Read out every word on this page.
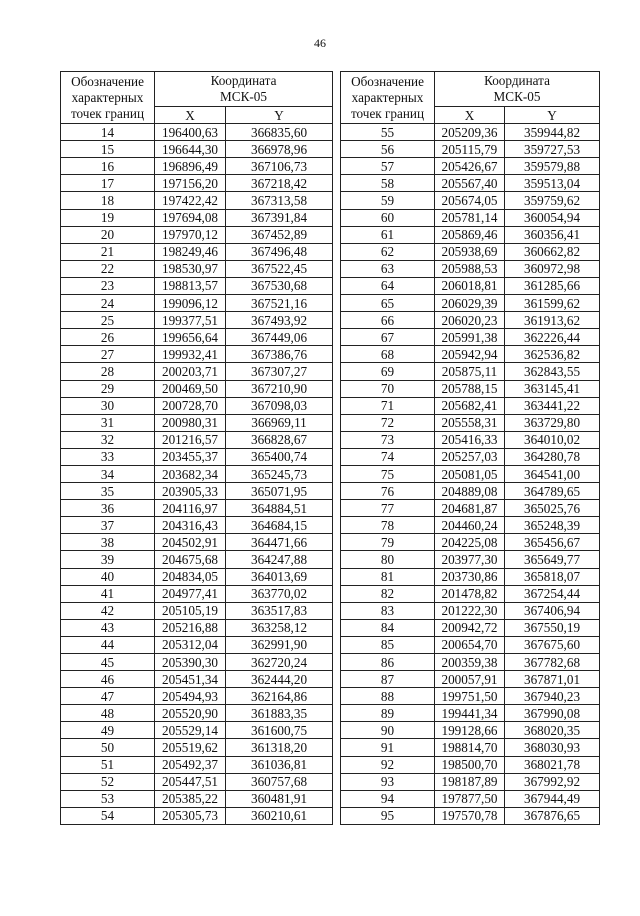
46
Обозначение
характерных
точек границ	Координата
МСК-05	
	X	Y
14	196400,63	366835,60
15	196644,30	366978,96
16	196896,49	367106,73
17	197156,20	367218,42
18	197422,42	367313,58
19	197694,08	367391,84
20	197970,12	367452,89
21	198249,46	367496,48
22	198530,97	367522,45
23	198813,57	367530,68
24	199096,12	367521,16
25	199377,51	367493,92
26	199656,64	367449,06
27	199932,41	367386,76
28	200203,71	367307,27
29	200469,50	367210,90
30	200728,70	367098,03
31	200980,31	366969,11
32	201216,57	366828,67
33	203455,37	365400,74
34	203682,34	365245,73
35	203905,33	365071,95
36	204116,97	364884,51
37	204316,43	364684,15
38	204502,91	364471,66
39	204675,68	364247,88
40	204834,05	364013,69
41	204977,41	363770,02
42	205105,19	363517,83
43	205216,88	363258,12
44	205312,04	362991,90
45	205390,30	362720,24
46	205451,34	362444,20
47	205494,93	362164,86
48	205520,90	361883,35
49	205529,14	361600,75
50	205519,62	361318,20
51	205492,37	361036,81
52	205447,51	360757,68
53	205385,22	360481,91
54	205305,73	360210,61
Обозначение
характерных
точек границ	Координата
МСК-05	
	X	Y
55	205209,36	359944,82
56	205115,79	359727,53
57	205426,67	359579,88
58	205567,40	359513,04
59	205674,05	359759,62
60	205781,14	360054,94
61	205869,46	360356,41
62	205938,69	360662,82
63	205988,53	360972,98
64	206018,81	361285,66
65	206029,39	361599,62
66	206020,23	361913,62
67	205991,38	362226,44
68	205942,94	362536,82
69	205875,11	362843,55
70	205788,15	363145,41
71	205682,41	363441,22
72	205558,31	363729,80
73	205416,33	364010,02
74	205257,03	364280,78
75	205081,05	364541,00
76	204889,08	364789,65
77	204681,87	365025,76
78	204460,24	365248,39
79	204225,08	365456,67
80	203977,30	365649,77
81	203730,86	365818,07
82	201478,82	367254,44
83	201222,30	367406,94
84	200942,72	367550,19
85	200654,70	367675,60
86	200359,38	367782,68
87	200057,91	367871,01
88	199751,50	367940,23
89	199441,34	367990,08
90	199128,66	368020,35
91	198814,70	368030,93
92	198500,70	368021,78
93	198187,89	367992,92
94	197877,50	367944,49
95	197570,78	367876,65
